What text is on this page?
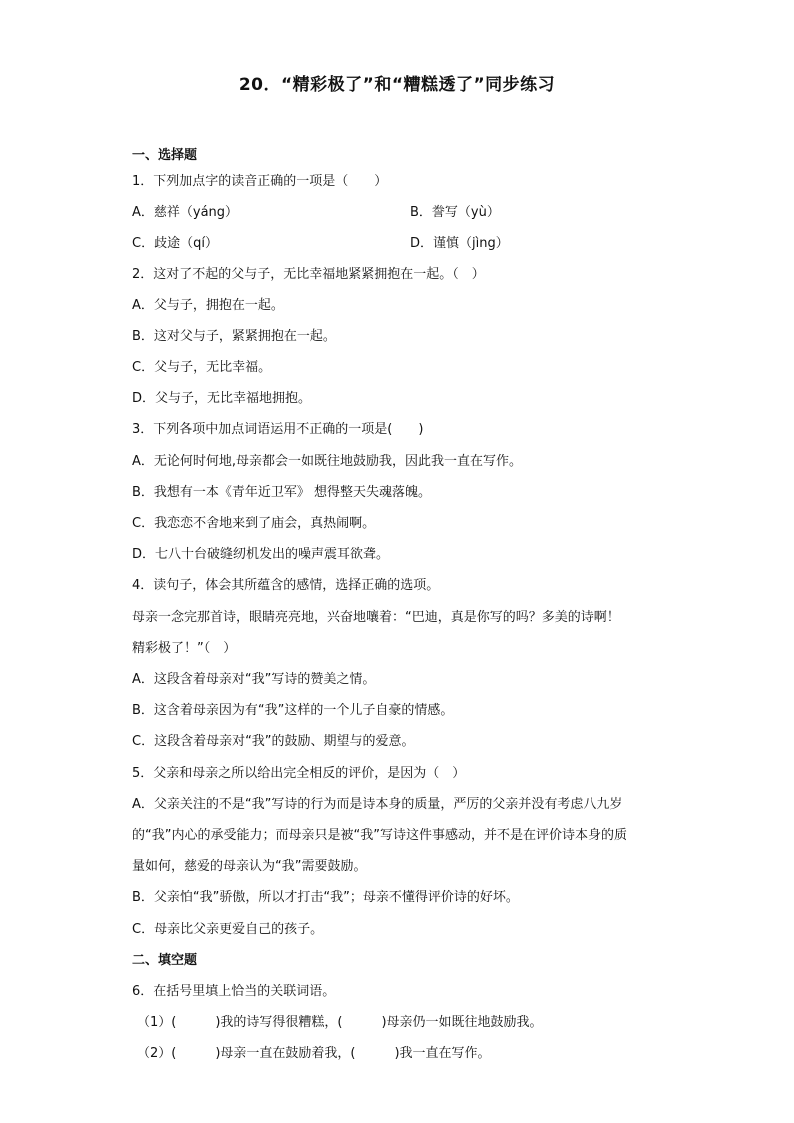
20．“精彩极了”和“糟糕透了”同步练习
一、选择题
1．下列加点字的读音正确的一项是（　　）
A．慈祥（yáng）	B．誊写（yù）
C．歧途（qí）	D．谨慎（jìng）
2．这对了不起的父与子，无比幸福地紧紧拥抱在一起。（　）
A．父与子，拥抱在一起。
B．这对父与子，紧紧拥抱在一起。
C．父与子，无比幸福。
D．父与子，无比幸福地拥抱。
3．下列各项中加点词语运用不正确的一项是(　　)
A．无论何时何地,母亲都会一如既往地鼓励我，因此我一直在写作。
B．我想有一本《青年近卫军》 想得整天失魂落魄。
C．我恋恋不舍地来到了庙会，真热闹啊。
D．七八十台破缝纫机发出的噪声震耳欲聋。
4．读句子，体会其所蕴含的感情，选择正确的选项。
母亲一念完那首诗，眼睛亮亮地，兴奋地嚷着：“巴迪，真是你写的吗？多美的诗啊！
精彩极了！”（　）
A．这段含着母亲对“我”写诗的赞美之情。
B．这含着母亲因为有“我”这样的一个儿子自豪的情感。
C．这段含着母亲对“我”的鼓励、期望与的爱意。
5．父亲和母亲之所以给出完全相反的评价，是因为（　）
A．父亲关注的不是“我”写诗的行为而是诗本身的质量，严厉的父亲并没有考虑八九岁
的“我”内心的承受能力；而母亲只是被“我”写诗这件事感动，并不是在评价诗本身的质
量如何，慈爱的母亲认为“我”需要鼓励。
B．父亲怕“我”骄傲，所以才打击“我”；母亲不懂得评价诗的好坏。
C．母亲比父亲更爱自己的孩子。
二、填空题
6．在括号里填上恰当的关联词语。
（1）(　　　)我的诗写得很糟糕，(　　　)母亲仍一如既往地鼓励我。
（2）(　　　)母亲一直在鼓励着我，(　　　)我一直在写作。
